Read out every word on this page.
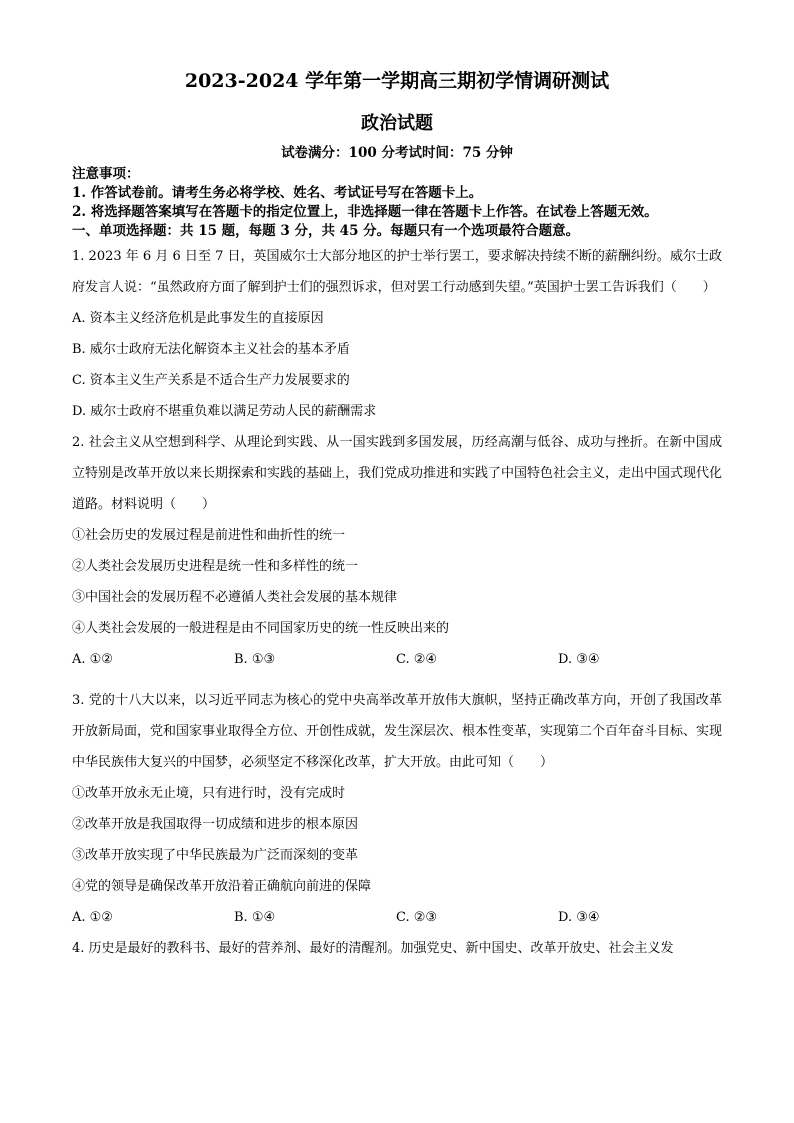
2023-2024 学年第一学期高三期初学情调研测试
政治试题
试卷满分：100 分考试时间：75 分钟
注意事项：
1. 作答试卷前。请考生务必将学校、姓名、考试证号写在答题卡上。
2. 将选择题答案填写在答题卡的指定位置上，非选择题一律在答题卡上作答。在试卷上答题无效。
一、单项选择题：共 15 题，每题 3 分，共 45 分。每题只有一个选项最符合题意。
1. 2023 年 6 月 6 日至 7 日，英国威尔士大部分地区的护士举行罢工，要求解决持续不断的薪酬纠纷。威尔士政府发言人说：“虽然政府方面了解到护士们的强烈诉求，但对罢工行动感到失望。”英国护士罢工告诉我们（　　）
A. 资本主义经济危机是此事发生的直接原因
B. 威尔士政府无法化解资本主义社会的基本矛盾
C. 资本主义生产关系是不适合生产力发展要求的
D. 威尔士政府不堪重负难以满足劳动人民的薪酬需求
2. 社会主义从空想到科学、从理论到实践、从一国实践到多国发展，历经高潮与低谷、成功与挫折。在新中国成立特别是改革开放以来长期探索和实践的基础上，我们党成功推进和实践了中国特色社会主义，走出中国式现代化道路。材料说明（　　）
①社会历史的发展过程是前进性和曲折性的统一
②人类社会发展历史进程是统一性和多样性的统一
③中国社会的发展历程不必遵循人类社会发展的基本规律
④人类社会发展的一般进程是由不同国家历史的统一性反映出来的
A. ①②	B. ①③	C. ②④	D. ③④
3. 党的十八大以来，以习近平同志为核心的党中央高举改革开放伟大旗帜，坚持正确改革方向，开创了我国改革开放新局面，党和国家事业取得全方位、开创性成就，发生深层次、根本性变革，实现第二个百年奋斗目标、实现中华民族伟大复兴的中国梦，必须坚定不移深化改革，扩大开放。由此可知（　　）
①改革开放永无止境，只有进行时，没有完成时
②改革开放是我国取得一切成绩和进步的根本原因
③改革开放实现了中华民族最为广泛而深刻的变革
④党的领导是确保改革开放沿着正确航向前进的保障
A. ①②	B. ①④	C. ②③	D. ③④
4. 历史是最好的教科书、最好的营养剂、最好的清醒剂。加强党史、新中国史、改革开放史、社会主义发
